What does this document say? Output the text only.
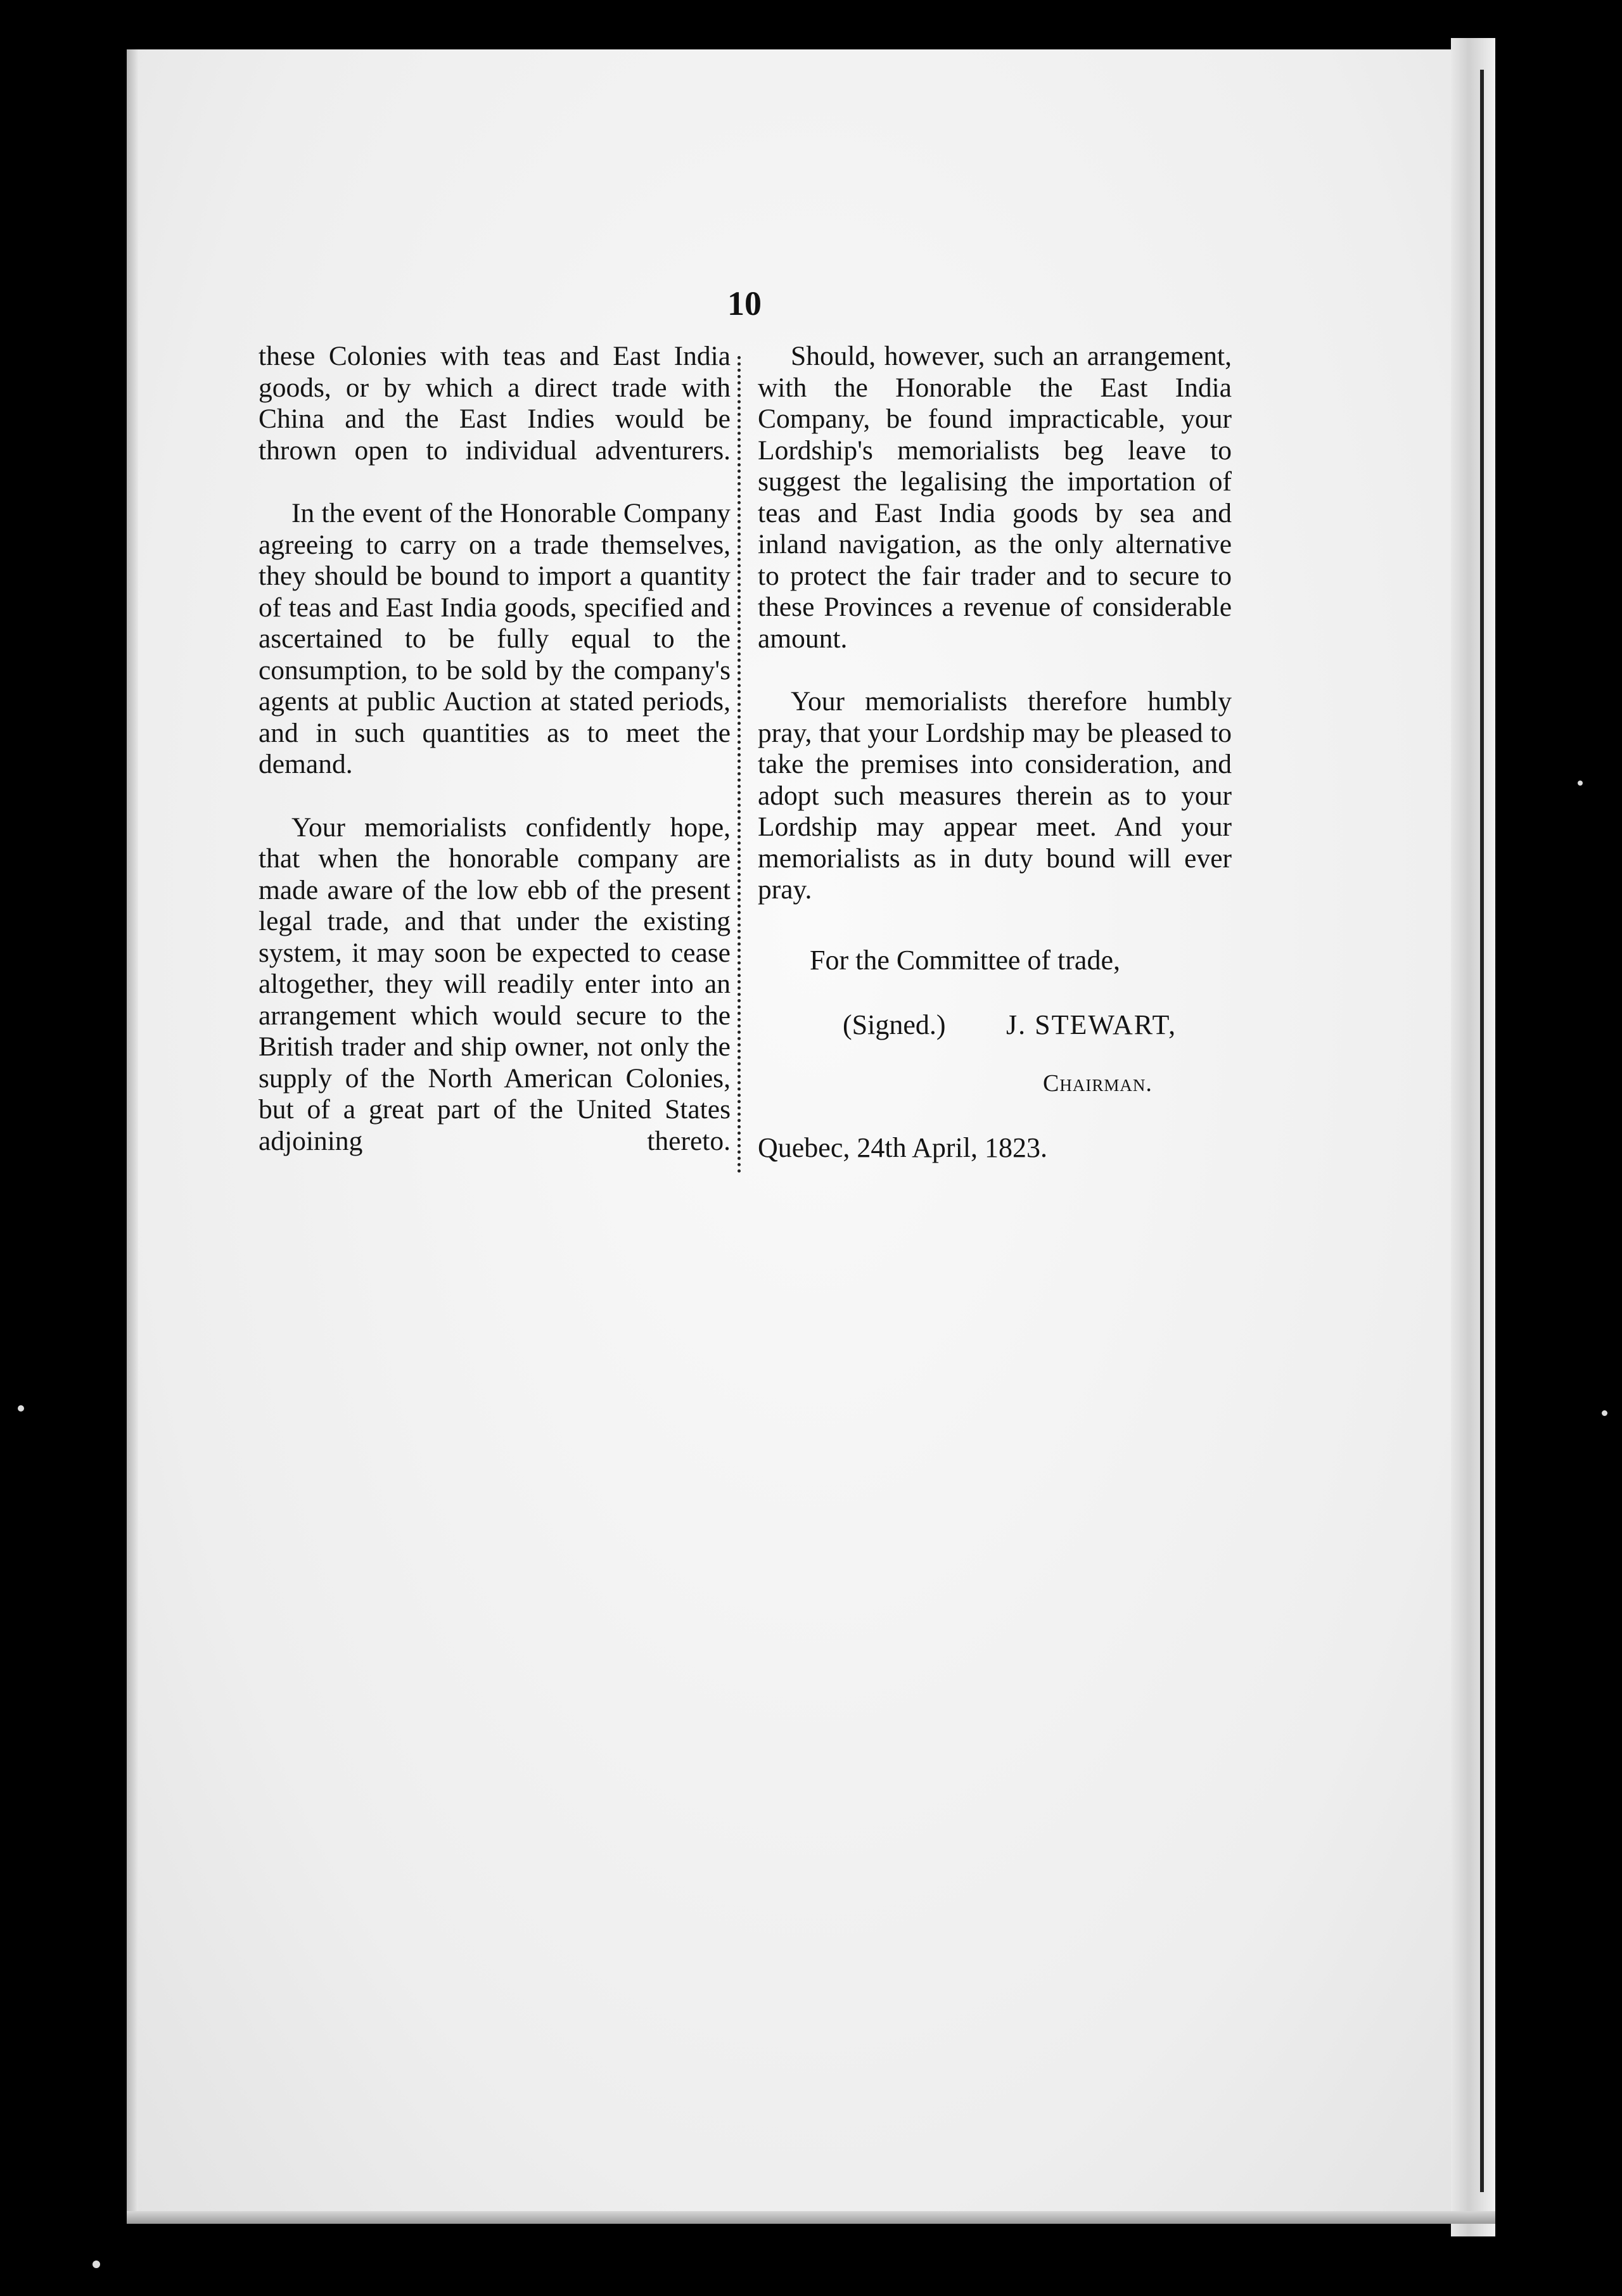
10

these Colonies with teas and East India goods, or by which a direct trade with China and the East Indies would be thrown open to individual adventurers.

In the event of the Honorable Company agreeing to carry on a trade themselves, they should be bound to import a quantity of teas and East India goods, specified and ascertained to be fully equal to the consumption, to be sold by the company's agents at public Auction at stated periods, and in such quantities as to meet the demand.

Your memorialists confidently hope, that when the honorable company are made aware of the low ebb of the present legal trade, and that under the existing system, it may soon be expected to cease altogether, they will readily enter into an arrangement which would secure to the British trader and ship owner, not only the supply of the North American Colonies, but of a great part of the United States adjoining thereto.

Should, however, such an arrangement, with the Honorable the East India Company, be found impracticable, your Lordship's memorialists beg leave to suggest the legalising the importation of teas and East India goods by sea and inland navigation, as the only alternative to protect the fair trader and to secure to these Provinces a revenue of considerable amount.

Your memorialists therefore humbly pray, that your Lordship may be pleased to take the premises into consideration, and adopt such measures therein as to your Lordship may appear meet. And your memorialists as in duty bound will ever pray.

For the Committee of trade,
(Signed.) J. STEWART,
Chairman.
Quebec, 24th April, 1823.
